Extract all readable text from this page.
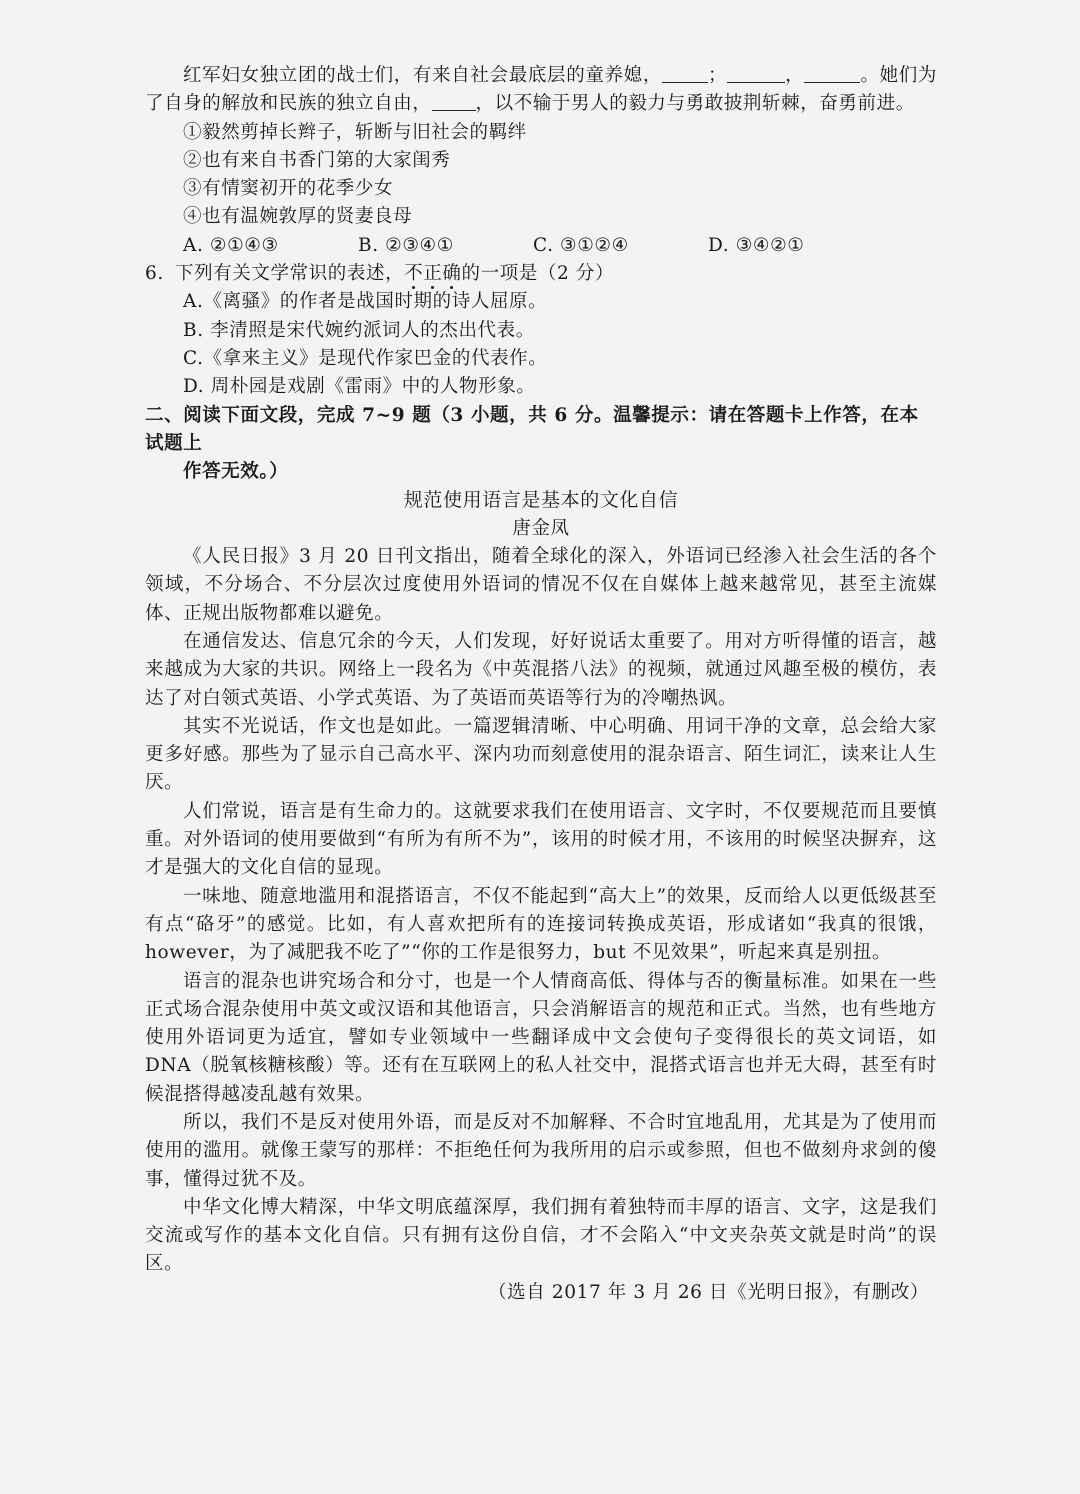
红军妇女独立团的战士们，有来自社会最底层的童养媳， ；	，	。她们为了自身的解放和民族的独立自由， ，以不输于男人的毅力与勇敢披荆斩棘，奋勇前进。

①毅然剪掉长辫子，斩断与旧社会的羁绊

②也有来自书香门第的大家闺秀

③有情窦初开的花季少女

④也有温婉敦厚的贤妻良母

A. ②①④③	B. ②③④①	C. ③①②④	D. ③④②①

6. 下列有关文学常识的表述，不正确的一项是（2 分）

A.《离骚》的作者是战国时期的诗人屈原。

B. 李清照是宋代婉约派词人的杰出代表。

C.《拿来主义》是现代作家巴金的代表作。

D. 周朴园是戏剧《雷雨》中的人物形象。

二、阅读下面文段，完成 7~9 题（3 小题，共 6 分。温馨提示：请在答题卡上作答，在本试题上

作答无效。）

规范使用语言是基本的文化自信

唐金凤

《人民日报》3 月 20 日刊文指出，随着全球化的深入，外语词已经渗入社会生活的各个领域，不分场合、不分层次过度使用外语词的情况不仅在自媒体上越来越常见，甚至主流媒体、正规出版物都难以避免。

在通信发达、信息冗余的今天，人们发现，好好说话太重要了。用对方听得懂的语言，越来越成为大家的共识。网络上一段名为《中英混搭八法》的视频，就通过风趣至极的模仿，表达了对白领式英语、小学式英语、为了英语而英语等行为的冷嘲热讽。

其实不光说话，作文也是如此。一篇逻辑清晰、中心明确、用词干净的文章，总会给大家更多好感。那些为了显示自己高水平、深内功而刻意使用的混杂语言、陌生词汇，读来让人生厌。

人们常说，语言是有生命力的。这就要求我们在使用语言、文字时，不仅要规范而且要慎重。对外语词的使用要做到“有所为有所不为”，该用的时候才用，不该用的时候坚决摒弃，这才是强大的文化自信的显现。

一味地、随意地滥用和混搭语言，不仅不能起到“高大上”的效果，反而给人以更低级甚至有点“硌牙”的感觉。比如，有人喜欢把所有的连接词转换成英语，形成诸如“我真的很饿，however，为了减肥我不吃了”“你的工作是很努力，but 不见效果”，听起来真是别扭。

语言的混杂也讲究场合和分寸，也是一个人情商高低、得体与否的衡量标准。如果在一些正式场合混杂使用中英文或汉语和其他语言，只会消解语言的规范和正式。当然，也有些地方使用外语词更为适宜，譬如专业领域中一些翻译成中文会使句子变得很长的英文词语，如 DNA（脱氧核糖核酸）等。还有在互联网上的私人社交中，混搭式语言也并无大碍，甚至有时候混搭得越凌乱越有效果。

所以，我们不是反对使用外语，而是反对不加解释、不合时宜地乱用，尤其是为了使用而使用的滥用。就像王蒙写的那样：不拒绝任何为我所用的启示或参照，但也不做刻舟求剑的傻事，懂得过犹不及。

中华文化博大精深，中华文明底蕴深厚，我们拥有着独特而丰厚的语言、文字，这是我们交流或写作的基本文化自信。只有拥有这份自信，才不会陷入“中文夹杂英文就是时尚”的误区。

（选自 2017 年 3 月 26 日《光明日报》，有删改）
